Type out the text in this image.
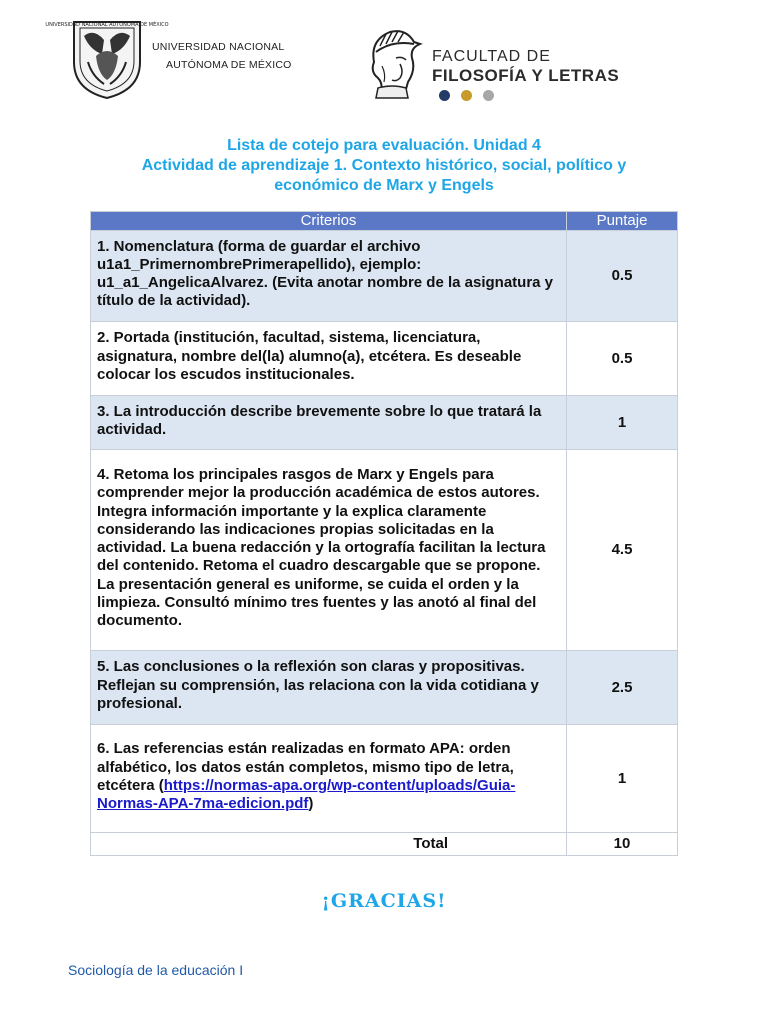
UNIVERSIDAD NACIONAL AUTÓNOMA DE MÉXICO
UNIVERSIDAD NACIONAL
AUTÓNOMA DE MÉXICO	FACULTAD DE
FILOSOFÍA Y LETRAS
Lista de cotejo para evaluación. Unidad 4
Actividad de aprendizaje 1. Contexto histórico, social, político y
económico de Marx y Engels
Criterios	Puntaje
1. Nomenclatura (forma de guardar el archivo u1a1_PrimernombrePrimerapellido), ejemplo: u1_a1_AngelicaAlvarez. (Evita anotar nombre de la asignatura y título de la actividad).	0.5
2. Portada (institución, facultad, sistema, licenciatura, asignatura, nombre del(la) alumno(a), etcétera. Es deseable colocar los escudos institucionales.	0.5
3. La introducción describe brevemente sobre lo que tratará la actividad.	1
4. Retoma los principales rasgos de Marx y Engels para comprender mejor la producción académica de estos autores. Integra información importante y la explica claramente considerando las indicaciones propias solicitadas en la actividad. La buena redacción y la ortografía facilitan la lectura del contenido. Retoma el cuadro descargable que se propone. La presentación general es uniforme, se cuida el orden y la limpieza. Consultó mínimo tres fuentes y las anotó al final del documento.	4.5
5. Las conclusiones o la reflexión son claras y propositivas. Reflejan su comprensión, las relaciona con la vida cotidiana y profesional.	2.5
6. Las referencias están realizadas en formato APA: orden alfabético, los datos están completos, mismo tipo de letra, etcétera (https://normas-apa.org/wp-content/uploads/Guia-Normas-APA-7ma-edicion.pdf)	1
Total	10
¡GRACIAS!
Sociología de la educación I
